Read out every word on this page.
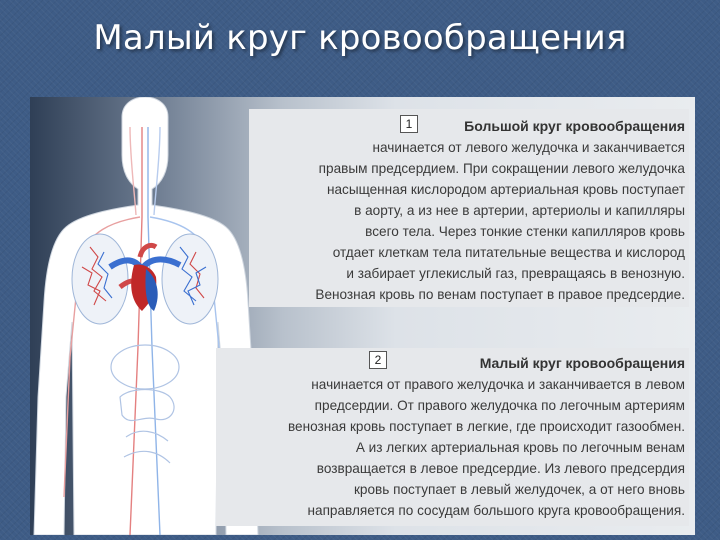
Малый круг кровообращения
1	Большой круг кровообращения
начинается от левого желудочка и заканчивается
правым предсердием. При сокращении левого желудочка
насыщенная кислородом артериальная кровь поступает
в аорту, а из нее в артерии, артериолы и капилляры
всего тела. Через тонкие стенки капилляров кровь
отдает клеткам тела питательные вещества и кислород
и забирает углекислый газ, превращаясь в венозную.
Венозная кровь по венам поступает в правое предсердие.
2	Малый круг кровообращения
начинается от правого желудочка и заканчивается в левом
предсердии. От правого желудочка по легочным артериям
венозная кровь поступает в легкие, где происходит газообмен.
А из легких артериальная кровь по легочным венам
возвращается в левое предсердие. Из левого предсердия
кровь поступает в левый желудочек, а от него вновь
направляется по сосудам большого круга кровообращения.
